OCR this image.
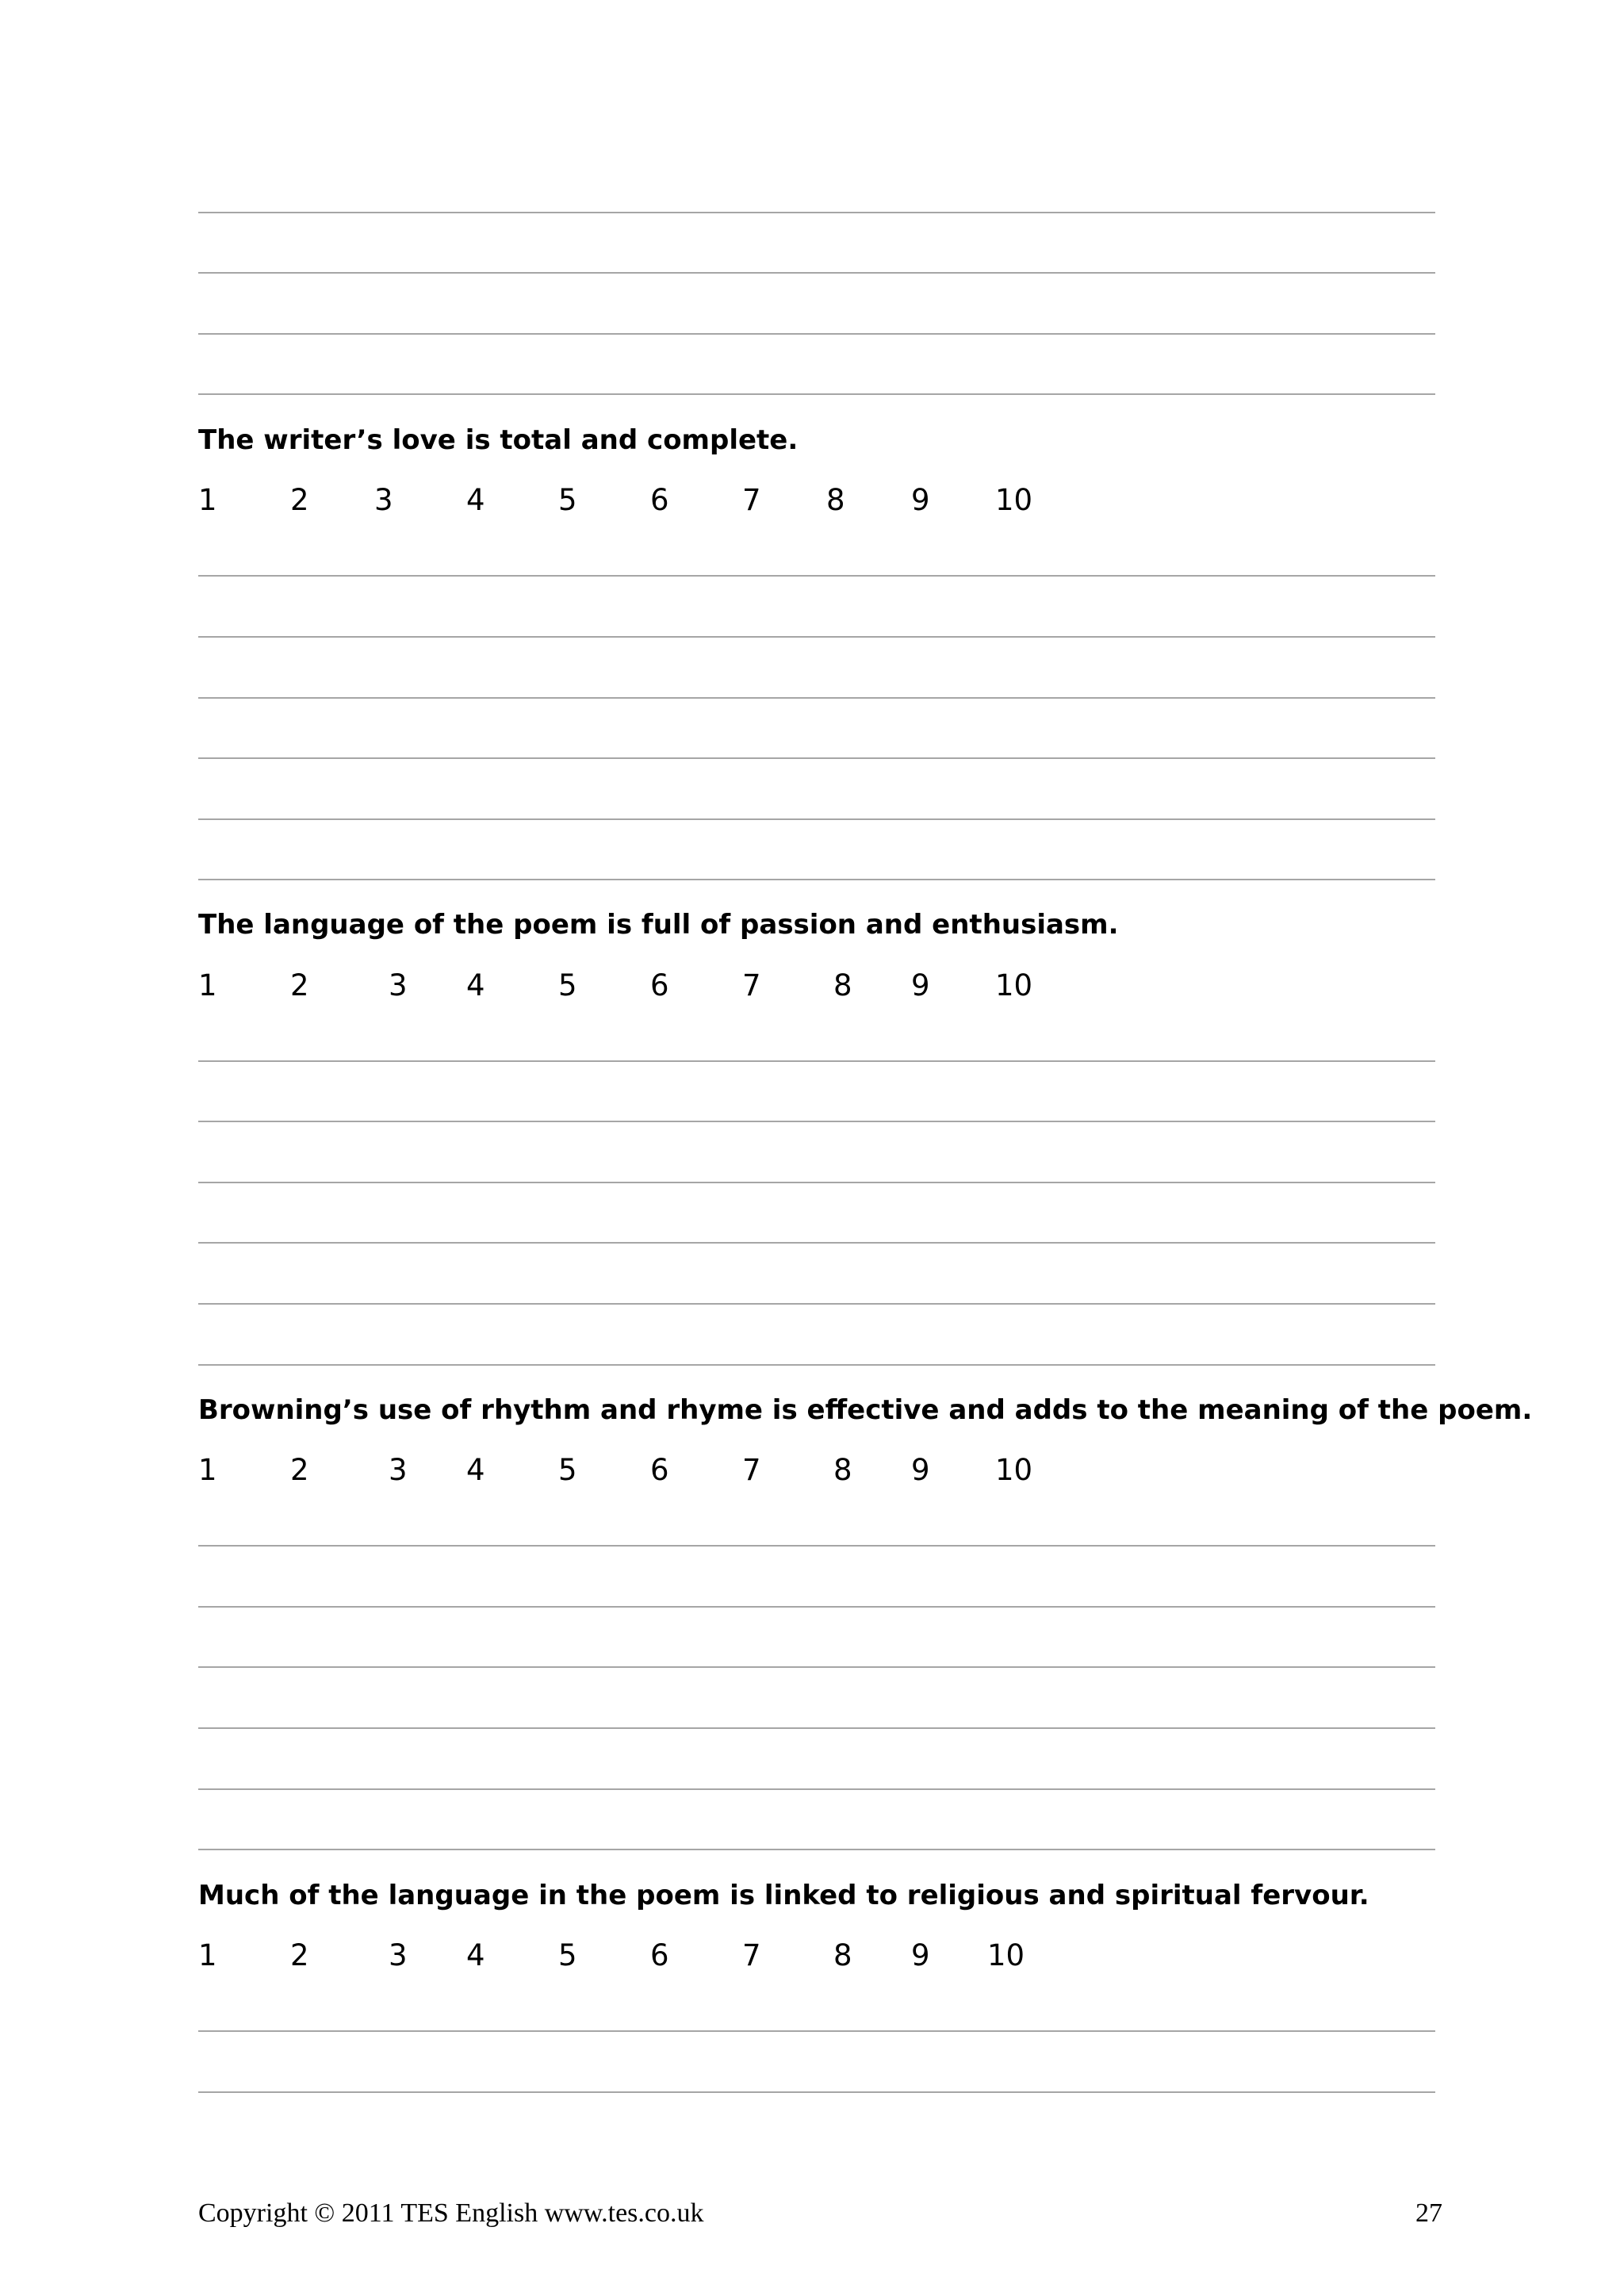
The writer’s love is total and complete.
1 2 3 4 5 6 7 8 9 10
The language of the poem is full of passion and enthusiasm.
1 2	3 4 5 6 7 8 9 10
Browning’s use of rhythm and rhyme is effective and adds to the meaning of the poem.
1 2	3 4 5 6 7 8 9 10
Much of the language in the poem is linked to religious and spiritual fervour.
1 2	3 4 5 6 7 8 9 10
Copyright © 2011 TES English www.tes.co.uk	27
